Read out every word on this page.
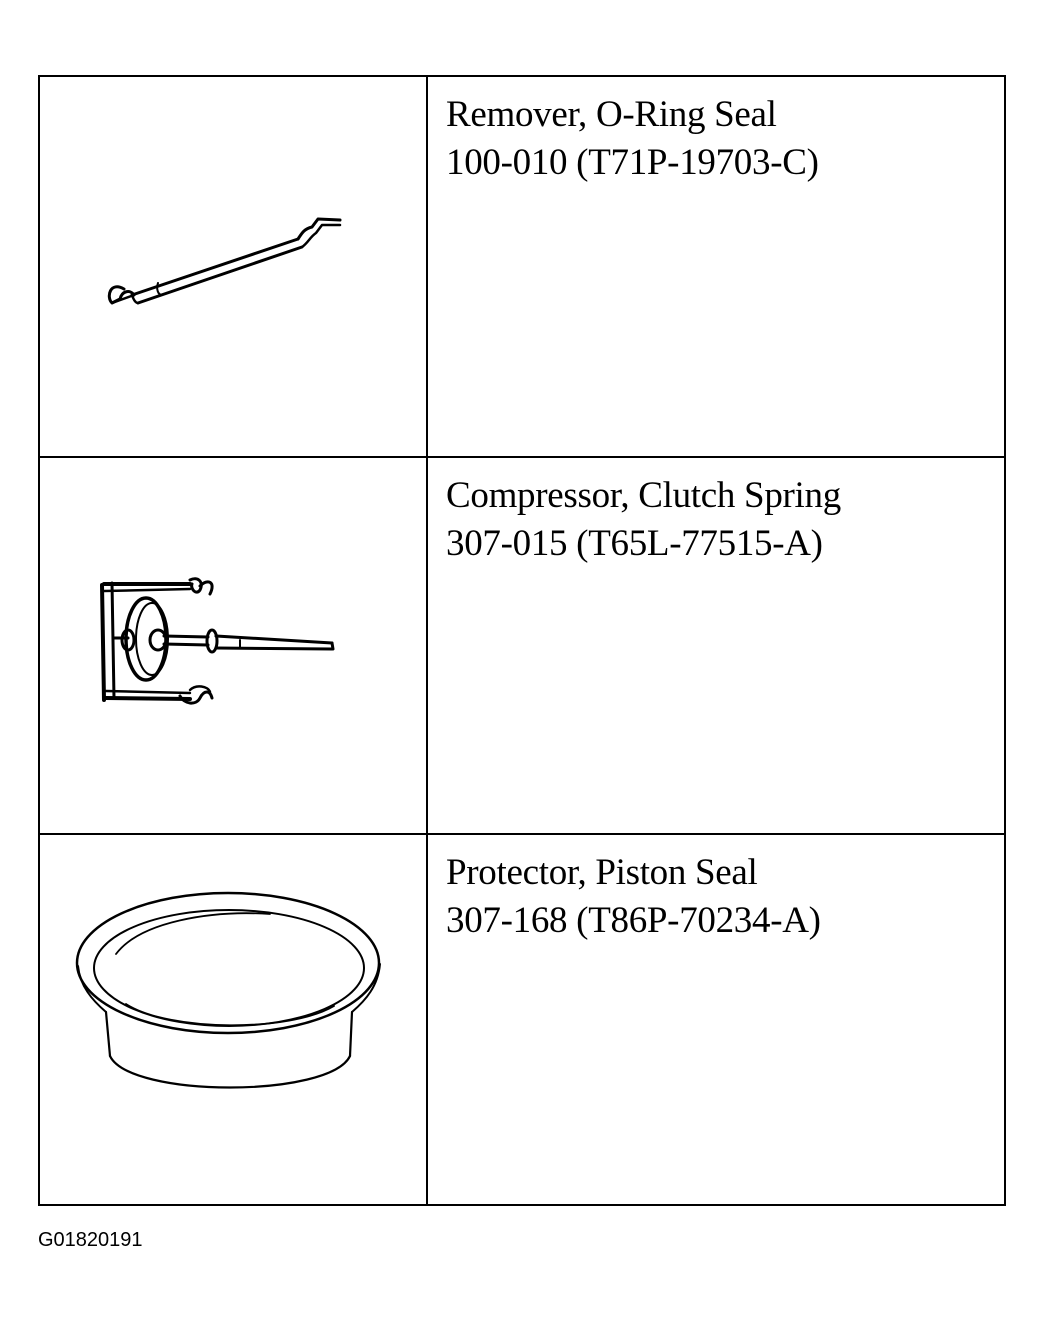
Remover, O-Ring Seal
100-010 (T71P-19703-C)
Compressor, Clutch Spring
307-015 (T65L-77515-A)
Protector, Piston Seal
307-168 (T86P-70234-A)
G01820191
